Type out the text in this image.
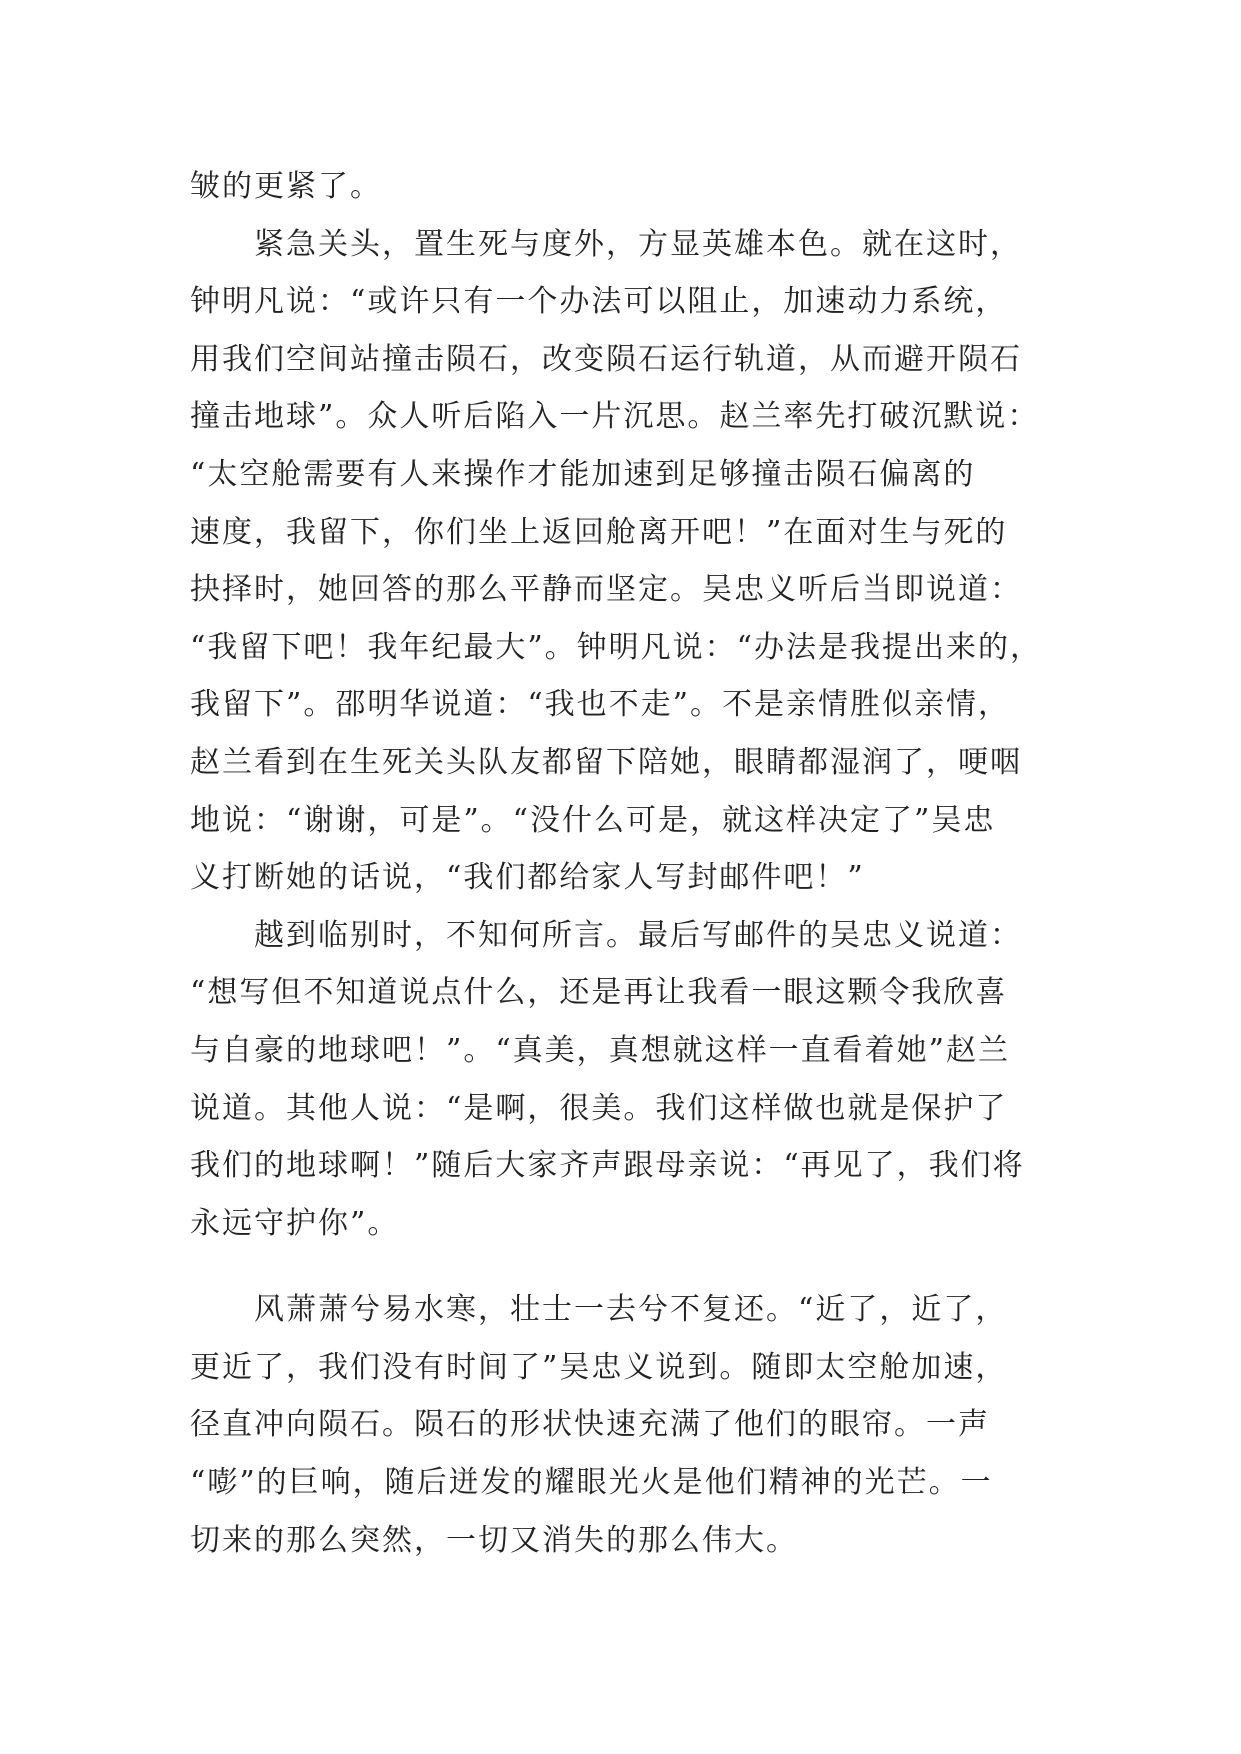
皱的更紧了。
紧急关头，置生死与度外，方显英雄本色。就在这时，
钟明凡说：“或许只有一个办法可以阻止，加速动力系统，
用我们空间站撞击陨石，改变陨石运行轨道，从而避开陨石
撞击地球”。众人听后陷入一片沉思。赵兰率先打破沉默说：
“太空舱需要有人来操作才能加速到足够撞击陨石偏离的
速度，我留下，你们坐上返回舱离开吧！”在面对生与死的
抉择时，她回答的那么平静而坚定。吴忠义听后当即说道：
“我留下吧！我年纪最大”。钟明凡说：“办法是我提出来的，
我留下”。邵明华说道：“我也不走”。不是亲情胜似亲情，
赵兰看到在生死关头队友都留下陪她，眼睛都湿润了，哽咽
地说：“谢谢，可是”。“没什么可是，就这样决定了”吴忠
义打断她的话说，“我们都给家人写封邮件吧！”
越到临别时，不知何所言。最后写邮件的吴忠义说道：
“想写但不知道说点什么，还是再让我看一眼这颗令我欣喜
与自豪的地球吧！”。“真美，真想就这样一直看着她”赵兰
说道。其他人说：“是啊，很美。我们这样做也就是保护了
我们的地球啊！”随后大家齐声跟母亲说：“再见了，我们将
永远守护你”。
风萧萧兮易水寒，壮士一去兮不复还。“近了，近了，
更近了，我们没有时间了”吴忠义说到。随即太空舱加速，
径直冲向陨石。陨石的形状快速充满了他们的眼帘。一声
“嘭”的巨响，随后迸发的耀眼光火是他们精神的光芒。一
切来的那么突然，一切又消失的那么伟大。
